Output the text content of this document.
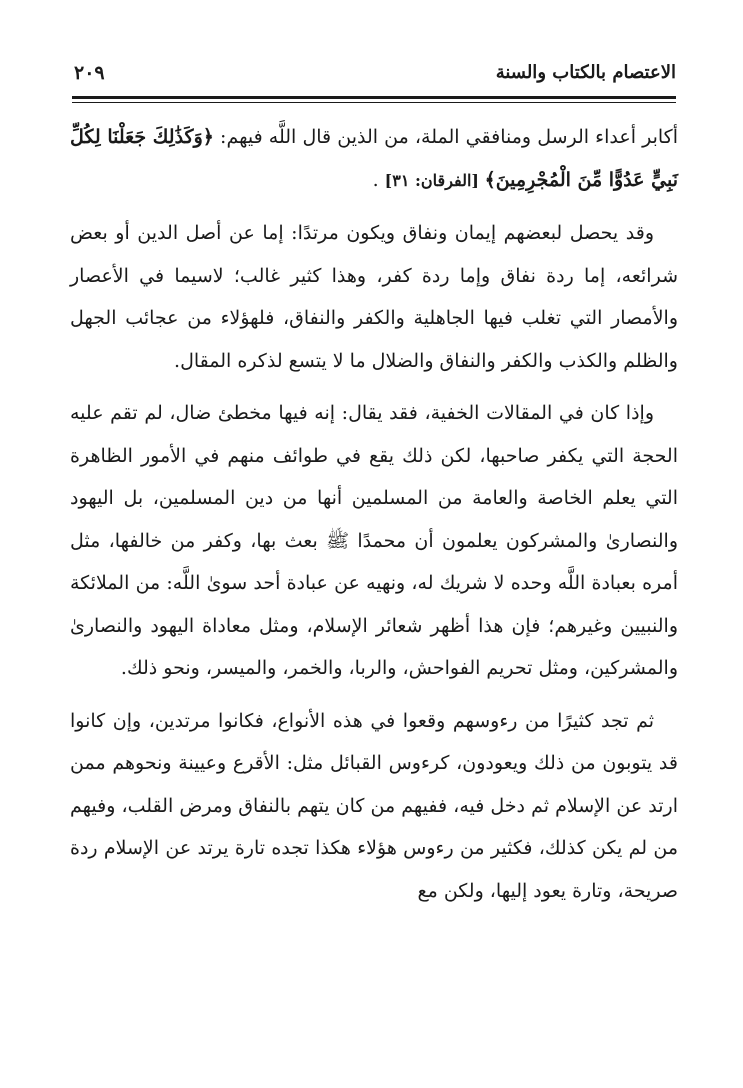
الاعتصام بالكتاب والسنة
٢٠٩

أكابر أعداء الرسل ومنافقي الملة، من الذين قال اللَّه فيهم: ﴿وَكَذَٰلِكَ جَعَلْنَا لِكُلِّ نَبِيٍّ عَدُوًّا مِّنَ الْمُجْرِمِينَ﴾ [الفرقان: ٣١] .

وقد يحصل لبعضهم إيمان ونفاق ويكون مرتدًا: إما عن أصل الدين أو بعض شرائعه، إما ردة نفاق وإما ردة كفر، وهذا كثير غالب؛ لاسيما في الأعصار والأمصار التي تغلب فيها الجاهلية والكفر والنفاق، فلهؤلاء من عجائب الجهل والظلم والكذب والكفر والنفاق والضلال ما لا يتسع لذكره المقال.

وإذا كان في المقالات الخفية، فقد يقال: إنه فيها مخطئ ضال، لم تقم عليه الحجة التي يكفر صاحبها، لكن ذلك يقع في طوائف منهم في الأمور الظاهرة التي يعلم الخاصة والعامة من المسلمين أنها من دين المسلمين، بل اليهود والنصارىٰ والمشركون يعلمون أن محمدًا ﷺ بعث بها، وكفر من خالفها، مثل أمره بعبادة اللَّه وحده لا شريك له، ونهيه عن عبادة أحد سوىٰ اللَّه: من الملائكة والنبيين وغيرهم؛ فإن هذا أظهر شعائر الإسلام، ومثل معاداة اليهود والنصارىٰ والمشركين، ومثل تحريم الفواحش، والربا، والخمر، والميسر، ونحو ذلك.

ثم تجد كثيرًا من رءوسهم وقعوا في هذه الأنواع، فكانوا مرتدين، وإن كانوا قد يتوبون من ذلك ويعودون، كرءوس القبائل مثل: الأقرع وعيينة ونحوهم ممن ارتد عن الإسلام ثم دخل فيه، ففيهم من كان يتهم بالنفاق ومرض القلب، وفيهم من لم يكن كذلك، فكثير من رءوس هؤلاء هكذا تجده تارة يرتد عن الإسلام ردة صريحة، وتارة يعود إليها، ولكن مع
